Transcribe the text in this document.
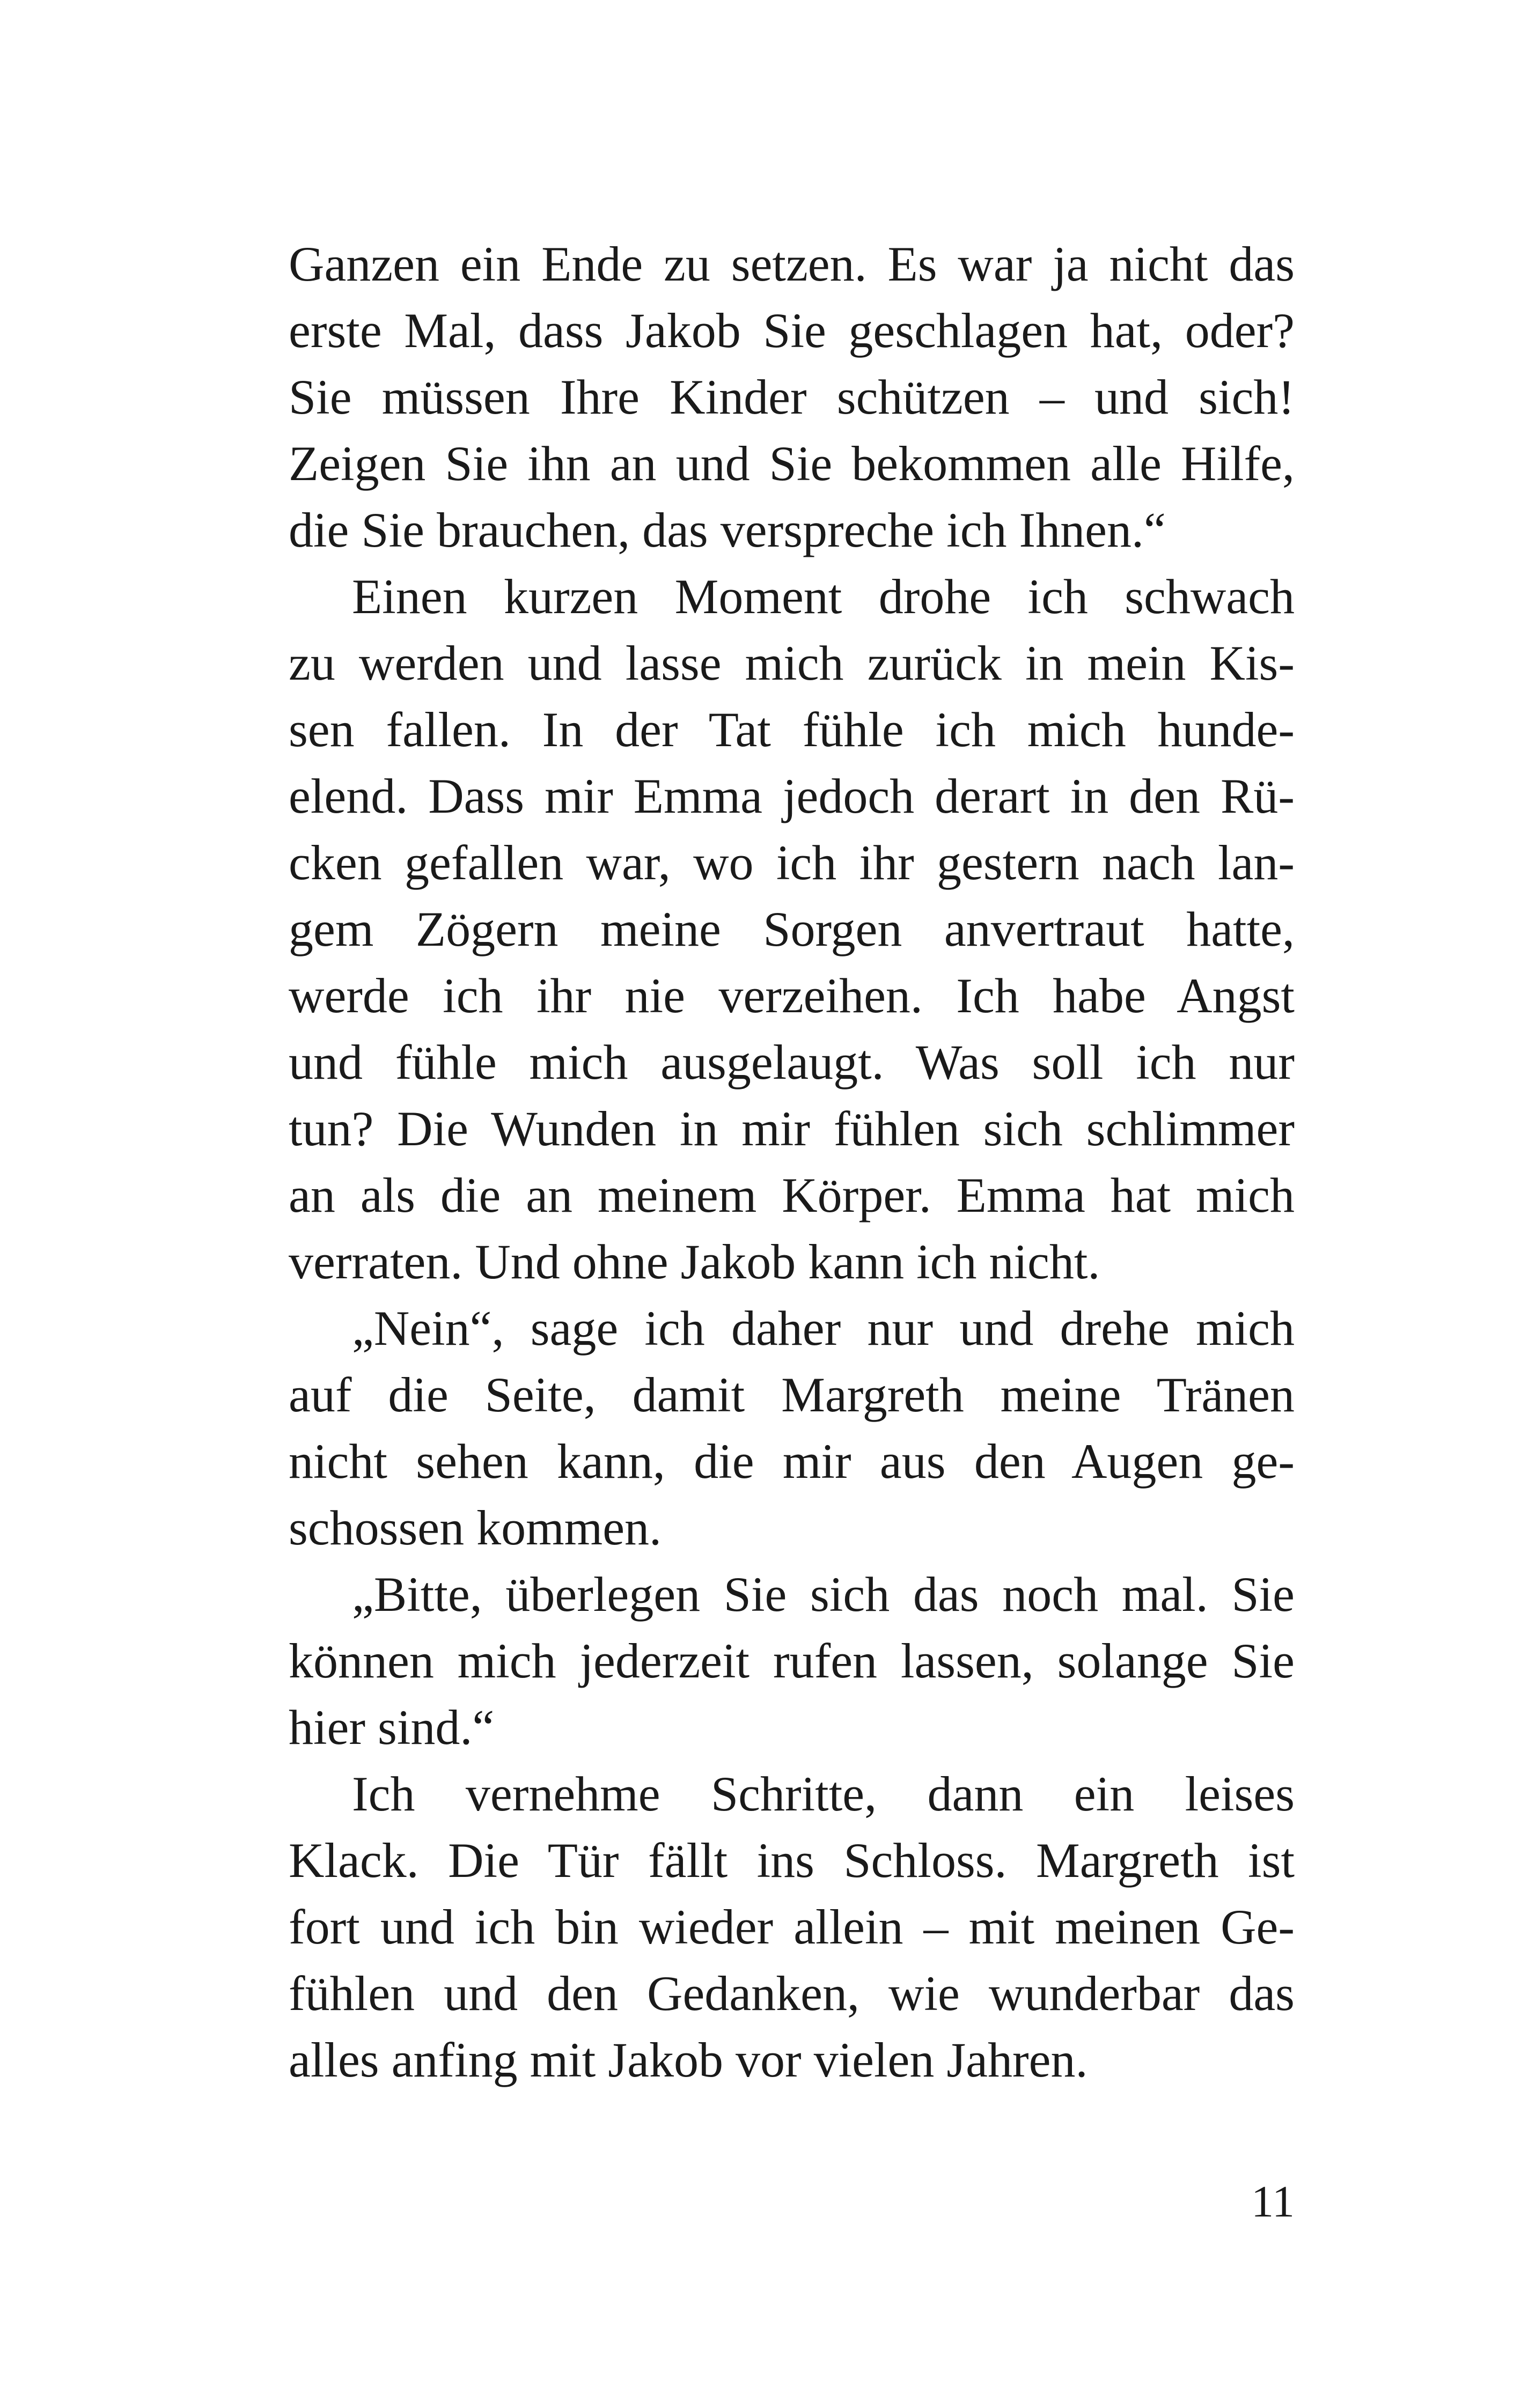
Ganzen ein Ende zu setzen. Es war ja nicht das
erste Mal, dass Jakob Sie geschlagen hat, oder?
Sie müssen Ihre Kinder schützen – und sich!
Zeigen Sie ihn an und Sie bekommen alle Hilfe,
die Sie brauchen, das verspreche ich Ihnen.“
Einen kurzen Moment drohe ich schwach
zu werden und lasse mich zurück in mein Kis-
sen fallen. In der Tat fühle ich mich hunde-
elend. Dass mir Emma jedoch derart in den Rü-
cken gefallen war, wo ich ihr gestern nach lan-
gem Zögern meine Sorgen anvertraut hatte,
werde ich ihr nie verzeihen. Ich habe Angst
und fühle mich ausgelaugt. Was soll ich nur
tun? Die Wunden in mir fühlen sich schlimmer
an als die an meinem Körper. Emma hat mich
verraten. Und ohne Jakob kann ich nicht.
„Nein“, sage ich daher nur und drehe mich
auf die Seite, damit Margreth meine Tränen
nicht sehen kann, die mir aus den Augen ge-
schossen kommen.
„Bitte, überlegen Sie sich das noch mal. Sie
können mich jederzeit rufen lassen, solange Sie
hier sind.“
Ich vernehme Schritte, dann ein leises
Klack. Die Tür fällt ins Schloss. Margreth ist
fort und ich bin wieder allein – mit meinen Ge-
fühlen und den Gedanken, wie wunderbar das
alles anfing mit Jakob vor vielen Jahren.
11
